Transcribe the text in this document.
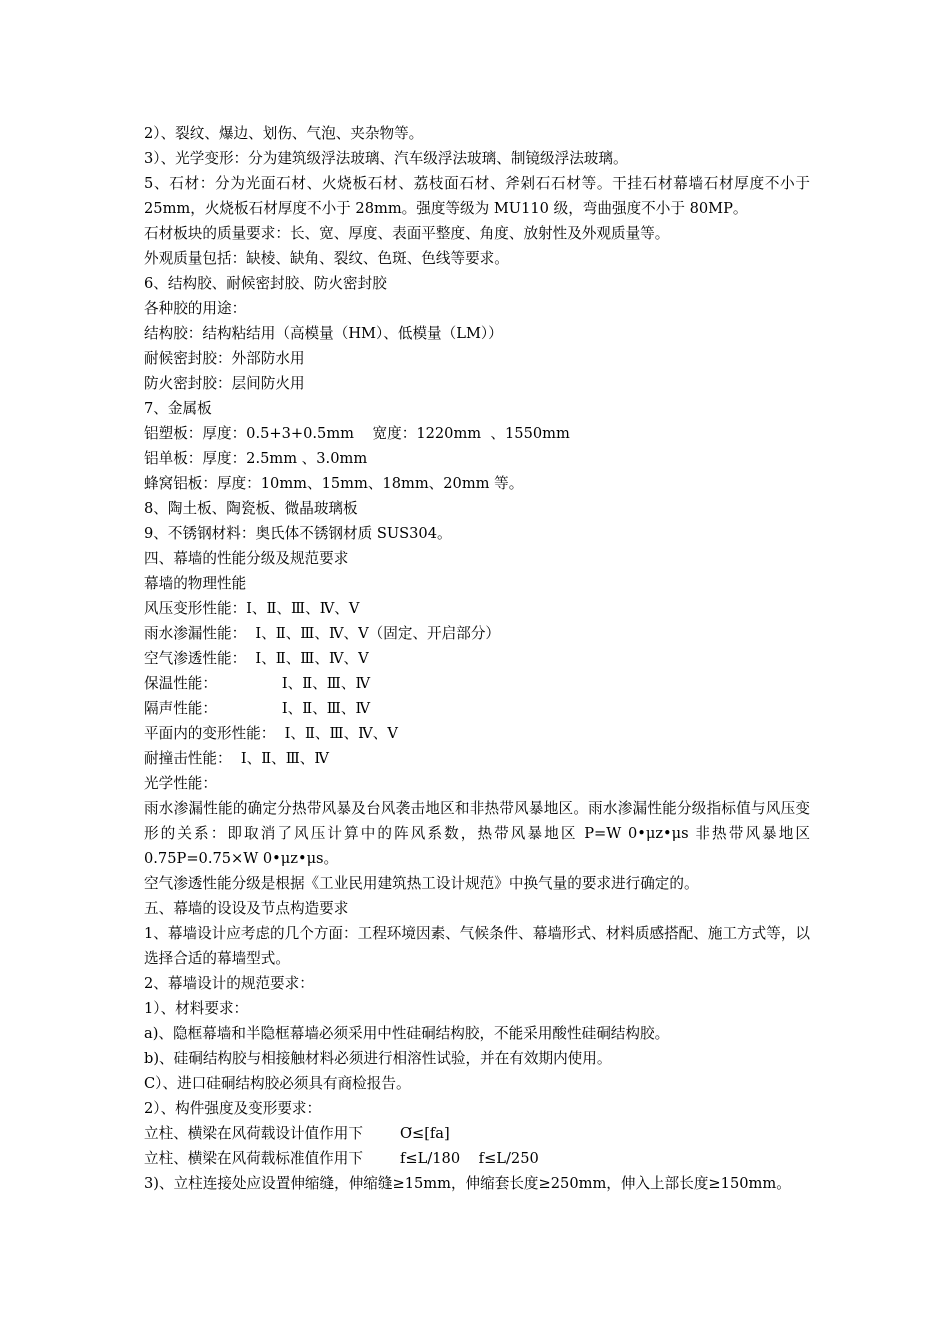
2）、裂纹、爆边、划伤、气泡、夹杂物等。
3）、光学变形：分为建筑级浮法玻璃、汽车级浮法玻璃、制镜级浮法玻璃。
5、石材：分为光面石材、火烧板石材、荔枝面石材、斧剁石石材等。干挂石材幕墙石材厚度不小于 25mm，火烧板石材厚度不小于 28mm。强度等级为 MU110 级，弯曲强度不小于 80MP。
石材板块的质量要求：长、宽、厚度、表面平整度、角度、放射性及外观质量等。
外观质量包括：缺棱、缺角、裂纹、色斑、色线等要求。
6、结构胶、耐候密封胶、防火密封胶
各种胶的用途：
结构胶：结构粘结用（高模量（HM）、低模量（LM））
耐候密封胶：外部防水用
防火密封胶：层间防火用
7、金属板
铝塑板：厚度：0.5+3+0.5mm    宽度：1220mm  、1550mm
铝单板：厚度：2.5mm 、3.0mm
蜂窝铝板：厚度：10mm、15mm、18mm、20mm 等。
8、陶土板、陶瓷板、微晶玻璃板
9、不锈钢材料：奥氏体不锈钢材质 SUS304。
四、幕墙的性能分级及规范要求
幕墙的物理性能
风压变形性能：Ⅰ、Ⅱ、Ⅲ、Ⅳ、Ⅴ
雨水渗漏性能：  Ⅰ、Ⅱ、Ⅲ、Ⅳ、Ⅴ（固定、开启部分）
空气渗透性能：  Ⅰ、Ⅱ、Ⅲ、Ⅳ、Ⅴ
保温性能：              Ⅰ、Ⅱ、Ⅲ、Ⅳ
隔声性能：              Ⅰ、Ⅱ、Ⅲ、Ⅳ
平面内的变形性能：  Ⅰ、Ⅱ、Ⅲ、Ⅳ、Ⅴ
耐撞击性能：  Ⅰ、Ⅱ、Ⅲ、Ⅳ
光学性能：
雨水渗漏性能的确定分热带风暴及台风袭击地区和非热带风暴地区。雨水渗漏性能分级指标值与风压变形的关系：即取消了风压计算中的阵风系数，热带风暴地区 P=W 0•μz•μs 非热带风暴地区 0.75P=0.75×W 0•μz•μs。
空气渗透性能分级是根据《工业民用建筑热工设计规范》中换气量的要求进行确定的。
五、幕墙的设设及节点构造要求
1、幕墙设计应考虑的几个方面：工程环境因素、气候条件、幕墙形式、材料质感搭配、施工方式等，以选择合适的幕墙型式。
2、幕墙设计的规范要求：
1）、材料要求：
a)、隐框幕墙和半隐框幕墙必须采用中性硅硐结构胶，不能采用酸性硅硐结构胶。
b)、硅硐结构胶与相接触材料必须进行相溶性试验，并在有效期内使用。
C）、进口硅硐结构胶必须具有商检报告。
2）、构件强度及变形要求：
立柱、横梁在风荷载设计值作用下        Ơ≤[fa]
立柱、横梁在风荷载标准值作用下        f≤L/180    f≤L/250
3)、立柱连接处应设置伸缩缝，伸缩缝≥15mm，伸缩套长度≥250mm，伸入上部长度≥150mm。
